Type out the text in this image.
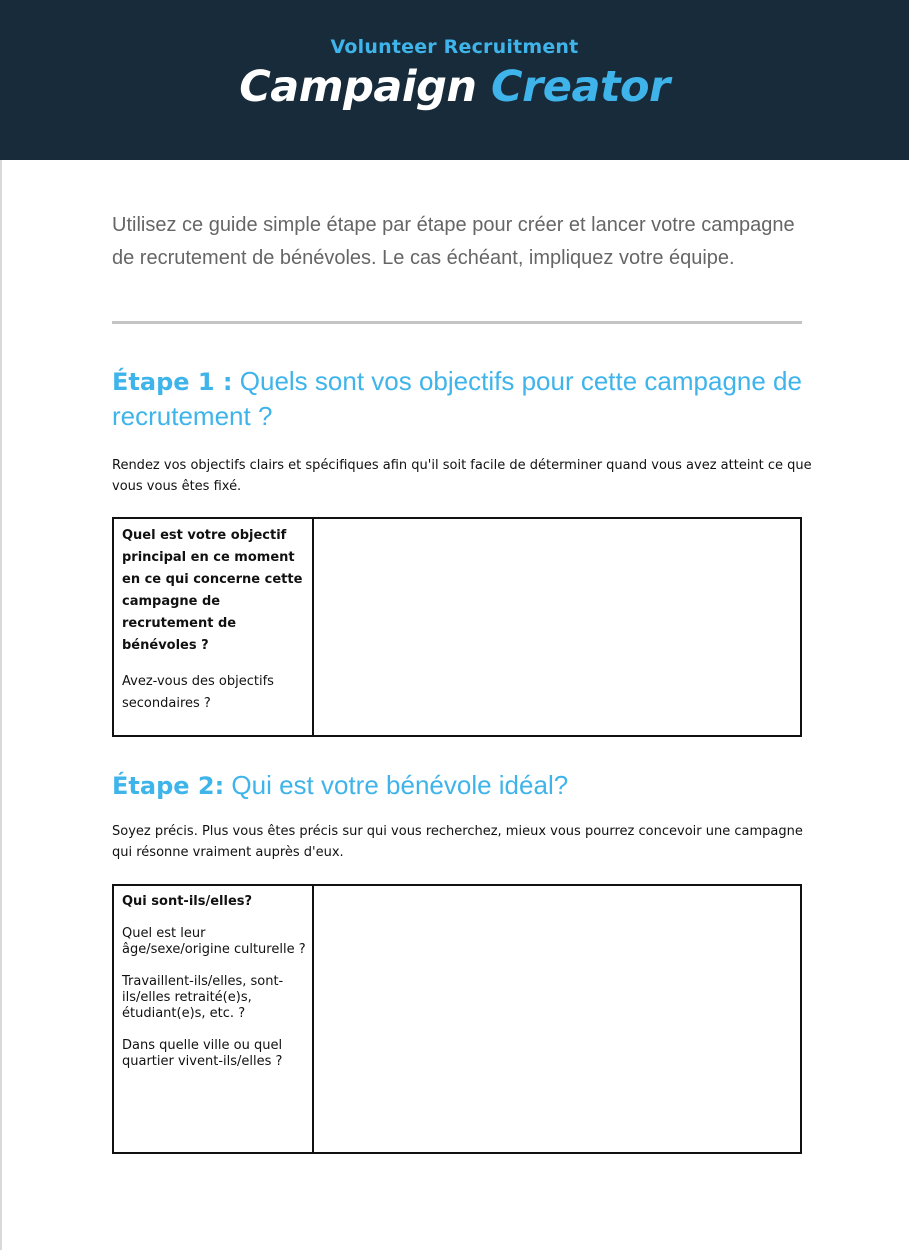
Volunteer Recruitment
Campaign Creator
Utilisez ce guide simple étape par étape pour créer et lancer votre campagne de recrutement de bénévoles. Le cas échéant, impliquez votre équipe.
Étape 1 : Quels sont vos objectifs pour cette campagne de recrutement ?
Rendez vos objectifs clairs et spécifiques afin qu'il soit facile de déterminer quand vous avez atteint ce que vous vous êtes fixé.
Quel est votre objectif principal en ce moment en ce qui concerne cette campagne de recrutement de bénévoles ?
Avez-vous des objectifs secondaires ?
Étape 2: Qui est votre bénévole idéal?
Soyez précis. Plus vous êtes précis sur qui vous recherchez, mieux vous pourrez concevoir une campagne qui résonne vraiment auprès d'eux.
Qui sont-ils/elles?
Quel est leur âge/sexe/origine culturelle ?
Travaillent-ils/elles, sont-ils/elles retraité(e)s, étudiant(e)s, etc. ?
Dans quelle ville ou quel quartier vivent-ils/elles ?
